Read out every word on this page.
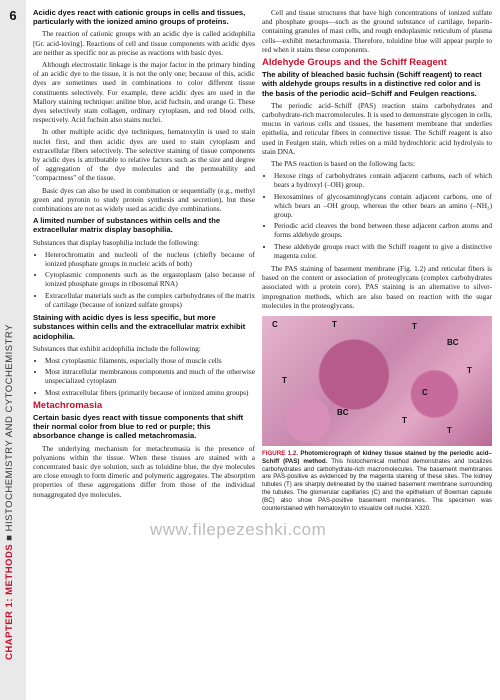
6
CHAPTER 1: METHODS ■ HISTOCHEMISTRY AND CYTOCHEMISTRY
Acidic dyes react with cationic groups in cells and tissues, particularly with the ionized amino groups of proteins.

The reaction of cationic groups with an acidic dye is called acidophilia [Gr. acid-loving]. Reactions of cell and tissue components with acidic dyes are neither as specific nor as precise as reactions with basic dyes.

Although electrostatic linkage is the major factor in the primary binding of an acidic dye to the tissue, it is not the only one; because of this, acidic dyes are sometimes used in combinations to color different tissue constituents selectively. For example, three acidic dyes are used in the Mallory staining technique: aniline blue, acid fuchsin, and orange G. These dyes selectively stain collagen, ordinary cytoplasm, and red blood cells, respectively. Acid fuchsin also stains nuclei.

In other multiple acidic dye techniques, hematoxylin is used to stain nuclei first, and then acidic dyes are used to stain cytoplasm and extracellular fibers selectively. The selective staining of tissue components by acidic dyes is attributable to relative factors such as the size and degree of aggregation of the dye molecules and the permeability and "compactness" of the tissue.

Basic dyes can also be used in combination or sequentially (e.g., methyl green and pyronin to study protein synthesis and secretion), but these combinations are not as widely used as acidic dye combinations.

A limited number of substances within cells and the extracellular matrix display basophilia.

Substances that display basophilia include the following:

• Heterochromatin and nucleoli of the nucleus (chiefly because of ionized phosphate groups in nucleic acids of both)
• Cytoplasmic components such as the ergastoplasm (also because of ionized phosphate groups in ribosomal RNA)
• Extracellular materials such as the complex carbohydrates of the matrix of cartilage (because of ionized sulfate groups)
Staining with acidic dyes is less specific, but more substances within cells and the extracellular matrix exhibit acidophilia.

Substances that exhibit acidophilia include the following:

• Most cytoplasmic filaments, especially those of muscle cells
• Most intracellular membranous components and much of the otherwise unspecialized cytoplasm
• Most extracellular fibers (primarily because of ionized amino groups)
Metachromasia
Certain basic dyes react with tissue components that shift their normal color from blue to red or purple; this absorbance change is called metachromasia.

The underlying mechanism for metachromasia is the presence of polyanions within the tissue. When these tissues are stained with a concentrated basic dye solution, such as toluidine blue, the dye molecules are close enough to form dimeric and polymeric aggregates. The absorption properties of these aggregations differ from those of the individual nonaggregated dye molecules.

Cell and tissue structures that have high concentrations of ionized sulfate and phosphate groups—such as the ground substance of cartilage, heparin-containing granules of mast cells, and rough endoplasmic reticulum of plasma cells—exhibit metachromasia. Therefore, toluidine blue will appear purple to red when it stains these components.

Aldehyde Groups and the Schiff Reagent
The ability of bleached basic fuchsin (Schiff reagent) to react with aldehyde groups results in a distinctive red color and is the basis of the periodic acid–Schiff and Feulgen reactions.

The periodic acid–Schiff (PAS) reaction stains carbohydrates and carbohydrate-rich macromolecules. It is used to demonstrate glycogen in cells, mucus in various cells and tissues, the basement membrane that underlies epithelia, and reticular fibers in connective tissue. The Schiff reagent is also used in Feulgen stain, which relies on a mild hydrochloric acid hydrolysis to stain DNA.

The PAS reaction is based on the following facts:

• Hexose rings of carbohydrates contain adjacent carbons, each of which bears a hydroxyl (–OH) group.
• Hexosamines of glycosaminoglycans contain adjacent carbons, one of which bears an –OH group, whereas the other bears an amino (–NH₂) group.
• Periodic acid cleaves the bond between these adjacent carbon atoms and forms aldehyde groups.
• These aldehyde groups react with the Schiff reagent to give a distinctive magenta color.

The PAS staining of basement membrane (Fig. 1.2) and reticular fibers is based on the content or association of proteoglycans (complex carbohydrates associated with a protein core). PAS staining is an alternative to silver-impregnation methods, which are also based on reaction with the sugar molecules in the proteoglycans.

C	T	T
BC
T
T
BC
T
T
C
FIGURE 1.2. Photomicrograph of kidney tissue stained by the periodic acid–Schiff (PAS) method. This histochemical method demonstrates and localizes carbohydrates and carbohydrate-rich macromolecules. The basement membranes are PAS-positive as evidenced by the magenta staining of these sites. The kidney tubules (T) are sharply delineated by the stained basement membrane surrounding the tubules. The glomerular capillaries (C) and the epithelium of Bowman capsule (BC) also show PAS-positive basement membranes. The specimen was counterstained with hematoxylin to visualize cell nuclei. X320.
www.filepezeshki.com
